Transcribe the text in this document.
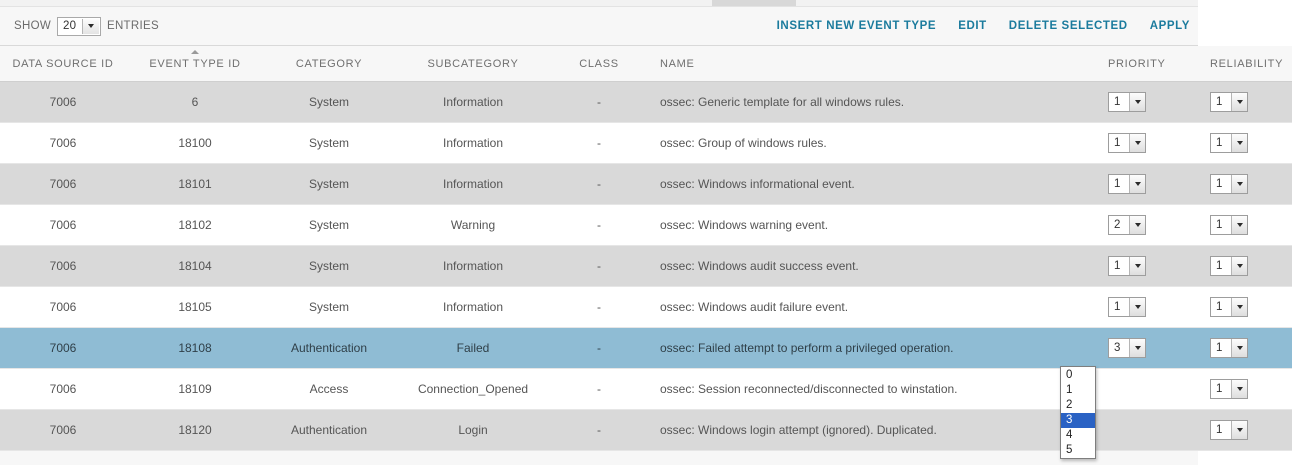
SHOW 20	ENTRIES	INSERT NEW EVENT TYPE EDIT DELETE SELECTED APPLY
DATA SOURCE ID	EVENT TYPE ID	CATEGORY	SUBCATEGORY	CLASS	NAME	PRIORITY	RELIABILITY
7006	6	System	Information	-	ossec: Generic template for all windows rules.	1	1

7006	18100	System	Information	-	ossec: Group of windows rules.	1	1

7006	18101	System	Information	-	ossec: Windows informational event.	1	1

7006	18102	System	Warning	-	ossec: Windows warning event.	2	1

7006	18104	System	Information	-	ossec: Windows audit success event.	1	1

7006	18105	System	Information	-	ossec: Windows audit failure event.	1	1

7006	18108	Authentication	Failed	-	ossec: Failed attempt to perform a privileged operation.	3	1

7006	18109	Access	Connection_Opened	-	ossec: Session reconnected/disconnected to winstation.		1

7006	18120	Authentication	Login	-	ossec: Windows login attempt (ignored). Duplicated.		1
0
1
2
3
4
5
